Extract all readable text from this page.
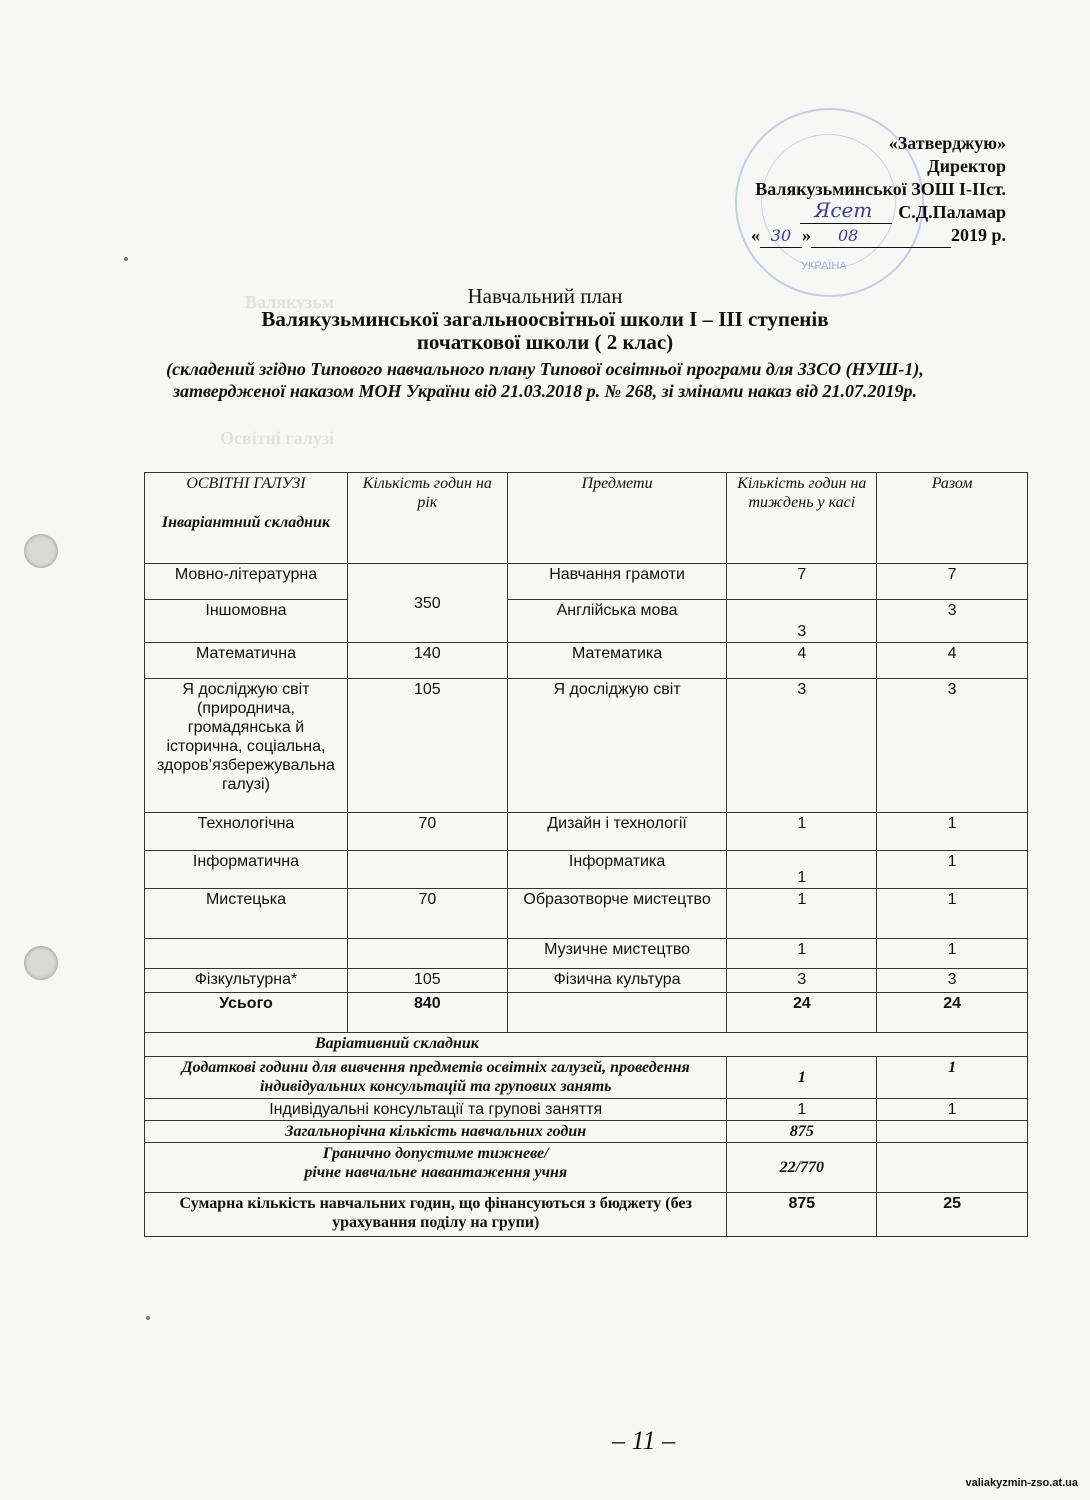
Валякузьм
Освітні галузі
УКРАЇНА
«Затверджую»
Директор
Валякузьминської ЗОШ І-ІІст.
Ясет С.Д.Паламар
« 30 » 08	2019 р.
Навчальний план
Валякузьминської загальноосвітньої школи І – ІІІ ступенів
початкової школи ( 2 клас)
(складений згідно Типового навчального плану Типової освітньої програми для ЗЗСО (НУШ-1), затвердженої наказом МОН України від 21.03.2018 р. № 268, зі змінами наказ від 21.07.2019р.
ОСВІТНІ ГАЛУЗІ
Інваріантний складник	Кількість годин на рік	Предмети	Кількість годин на тиждень у касі	Разом
Мовно-літературна	350	Навчання грамоти	7	7
Іншомовна		Англійська мова	3	3
Математична	140	Математика	4	4
Я досліджую світ (природнича, громадянська й історична, соціальна, здоров’язбережувальна галузі)	105	Я досліджую світ	3	3
Технологічна	70	Дизайн і технології	1	1
Інформатична		Інформатика	1	1
Мистецька	70	Образотворче мистецтво	1	1
		Музичне мистецтво	1	1
Фізкультурна*	105	Фізична культура	3	3
Усього	840		24	24
Варіативний складник				
Додаткові години для вивчення предметів освітніх галузей, проведення індивідуальних консультацій та групових занять			1	1
Індивідуальні консультації та групові заняття			1	1
Загальнорічна кількість навчальних годин			875	

Гранично допустиме тижневе/
річне навчальне навантаження учня			22/770	
Сумарна кількість навчальних годин, що фінансуються з бюджету (без урахування поділу на групи)			875	25
– 11 –
valiakyzmin-zso.at.ua
